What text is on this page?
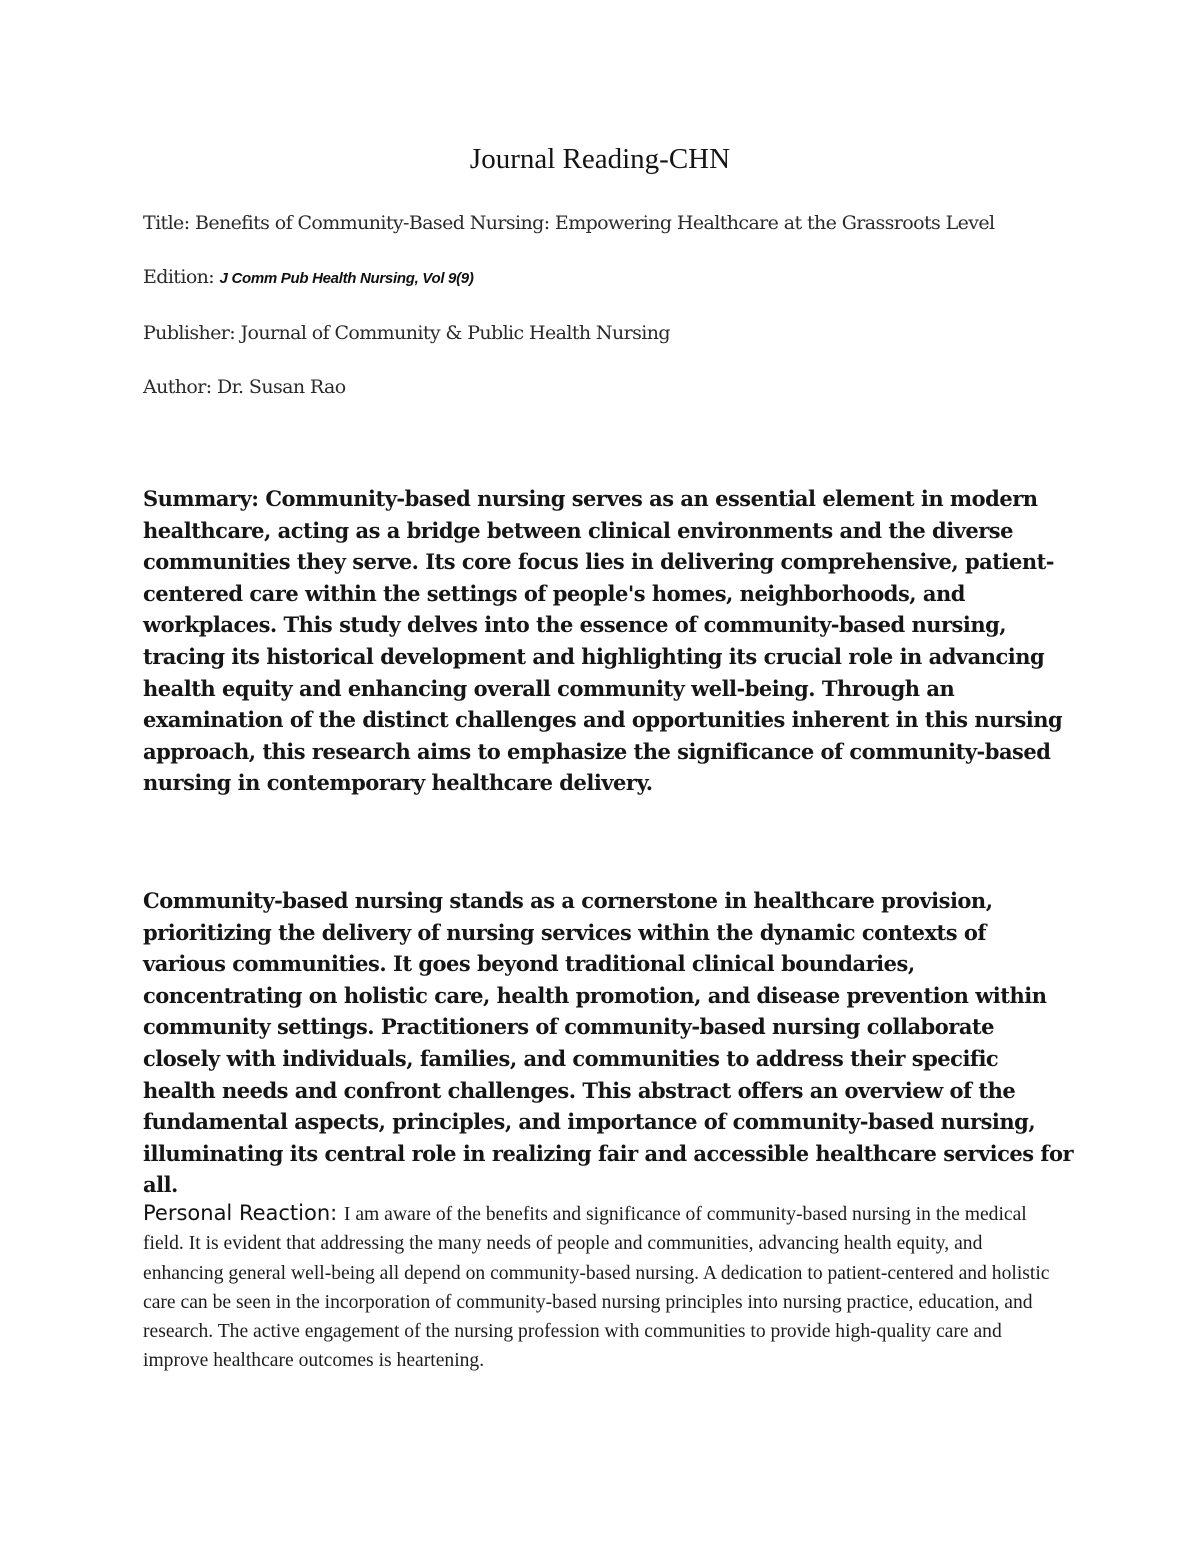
Journal Reading-CHN
Title: Benefits of Community-Based Nursing: Empowering Healthcare at the Grassroots Level
Edition: J Comm Pub Health Nursing, Vol 9(9)
Publisher: Journal of Community & Public Health Nursing
Author: Dr. Susan Rao

Summary: Community-based nursing serves as an essential element in modern healthcare, acting as a bridge between clinical environments and the diverse communities they serve. Its core focus lies in delivering comprehensive, patient-centered care within the settings of people's homes, neighborhoods, and workplaces. This study delves into the essence of community-based nursing, tracing its historical development and highlighting its crucial role in advancing health equity and enhancing overall community well-being. Through an examination of the distinct challenges and opportunities inherent in this nursing approach, this research aims to emphasize the significance of community-based nursing in contemporary healthcare delivery.

Community-based nursing stands as a cornerstone in healthcare provision, prioritizing the delivery of nursing services within the dynamic contexts of various communities. It goes beyond traditional clinical boundaries, concentrating on holistic care, health promotion, and disease prevention within community settings. Practitioners of community-based nursing collaborate closely with individuals, families, and communities to address their specific health needs and confront challenges. This abstract offers an overview of the fundamental aspects, principles, and importance of community-based nursing, illuminating its central role in realizing fair and accessible healthcare services for all.

Personal Reaction: I am aware of the benefits and significance of community-based nursing in the medical field. It is evident that addressing the many needs of people and communities, advancing health equity, and enhancing general well-being all depend on community-based nursing. A dedication to patient-centered and holistic care can be seen in the incorporation of community-based nursing principles into nursing practice, education, and research. The active engagement of the nursing profession with communities to provide high-quality care and improve healthcare outcomes is heartening.
